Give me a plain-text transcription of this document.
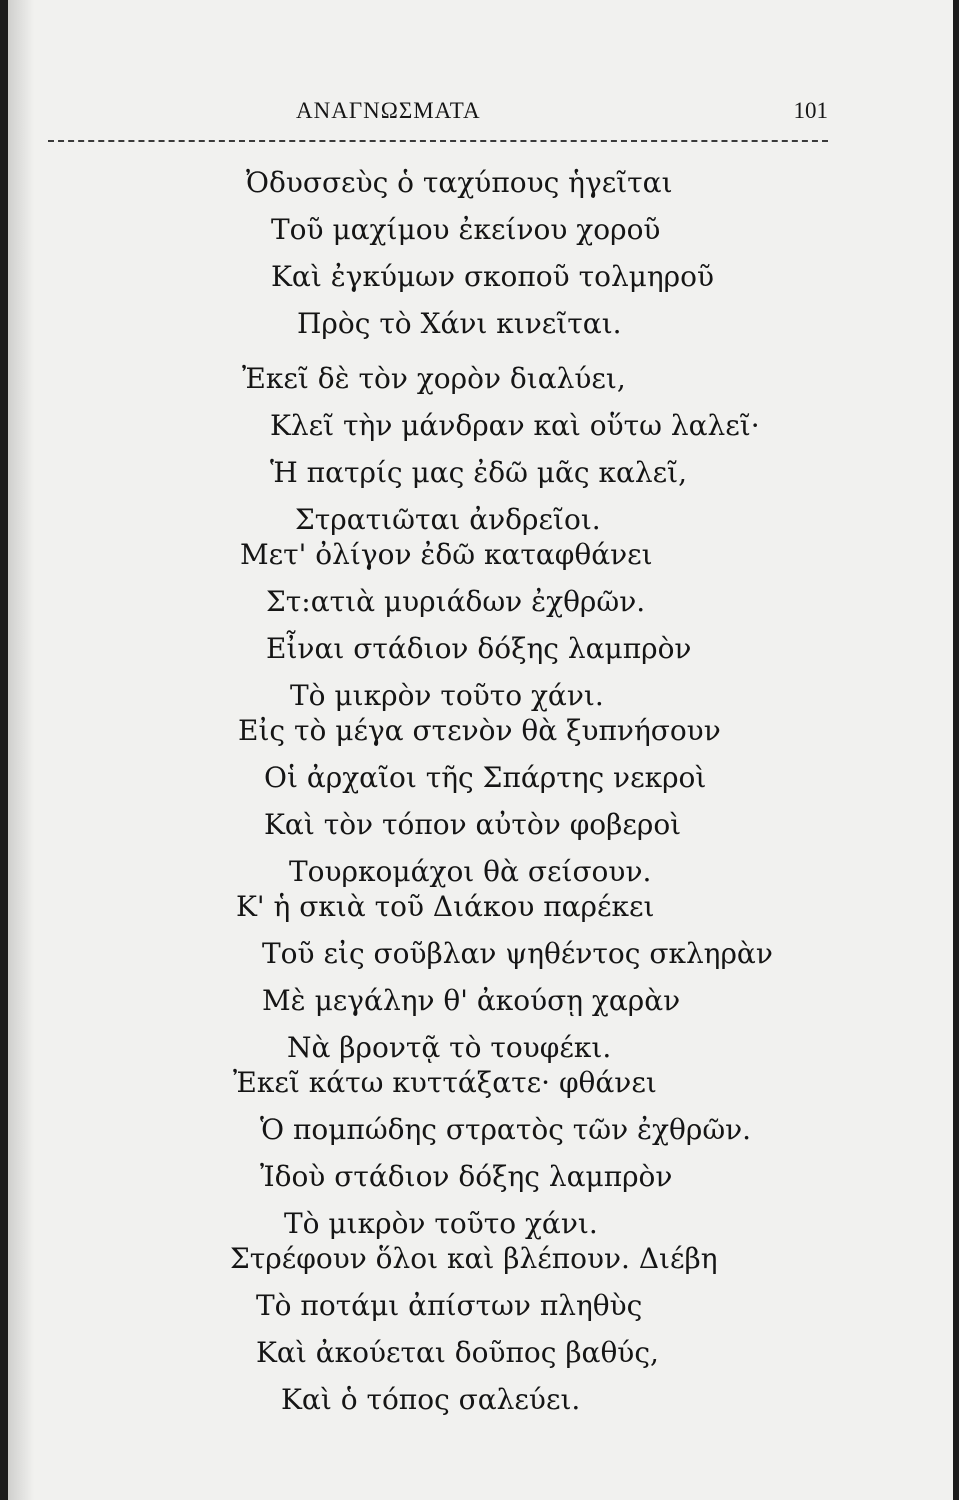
ΑΝΑΓΝΩΣΜΑΤΑ	101
Ὀδυσσεὺς ὁ ταχύπους ἡγεῖται
Τοῦ μαχίμου ἐκείνου χοροῦ
Καὶ ἐγκύμων σκοποῦ τολμηροῦ
Πρὸς τὸ Χάνι κινεῖται.
Ἐκεῖ δὲ τὸν χορὸν διαλύει,
Κλεῖ τὴν μάνδραν καὶ οὕτω λαλεῖ·
Ἡ πατρίς μας ἐδῶ μᾶς καλεῖ,
Στρατιῶται ἀνδρεῖοι.
Μετ' ὀλίγον ἐδῶ καταφθάνει
Στ:ατιὰ μυριάδων ἐχθρῶν.
Εἶναι στάδιον δόξης λαμπρὸν
Τὸ μικρὸν τοῦτο χάνι.
Εἰς τὸ μέγα στενὸν θὰ ξυπνήσουν
Οἱ ἀρχαῖοι τῆς Σπάρτης νεκροὶ
Καὶ τὸν τόπον αὐτὸν φοβεροὶ
Τουρκομάχοι θὰ σείσουν.
Κ' ἡ σκιὰ τοῦ Διάκου παρέκει
Τοῦ εἰς σοῦβλαν ψηθέντος σκληρὰν
Μὲ μεγάλην θ' ἀκούσῃ χαρὰν
Νὰ βροντᾷ τὸ τουφέκι.
Ἐκεῖ κάτω κυττάξατε· φθάνει
Ὁ πομπώδης στρατὸς τῶν ἐχθρῶν.
Ἰδοὺ στάδιον δόξης λαμπρὸν
Τὸ μικρὸν τοῦτο χάνι.
Στρέφουν ὅλοι καὶ βλέπουν. Διέβη
Τὸ ποτάμι ἀπίστων πληθὺς
Καὶ ἀκούεται δοῦπος βαθύς,
Καὶ ὁ τόπος σαλεύει.
